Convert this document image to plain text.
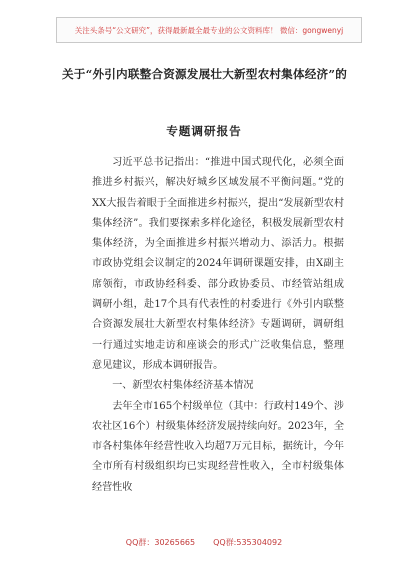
关注头条号“公文研究”，获得最新最全最专业的公文资料库！ 微信：gongwenyj
关于“外引内联整合资源发展壮大新型农村集体经济”的
专题调研报告

习近平总书记指出：“推进中国式现代化，必须全面推进乡村振兴，解决好城乡区域发展不平衡问题。”党的XX大报告着眼于全面推进乡村振兴，提出“发展新型农村集体经济”。我们要探索多样化途径，积极发展新型农村集体经济，为全面推进乡村振兴增动力、添活力。根据市政协党组会议制定的2024年调研课题安排，由X副主席领衔，市政协经科委、部分政协委员、市经管站组成调研小组，赴17个具有代表性的村委进行《外引内联整合资源发展壮大新型农村集体经济》专题调研，调研组一行通过实地走访和座谈会的形式广泛收集信息，整理意见建议，形成本调研报告。

一、新型农村集体经济基本情况

去年全市165个村级单位（其中：行政村149个、涉农社区16个）村级集体经济发展持续向好。2023年，全市各村集体年经营性收入均超7万元目标，据统计，今年全市所有村级组织均已实现经营性收入，全市村级集体经营性收

QQ群：30265665 QQ群:535304092
